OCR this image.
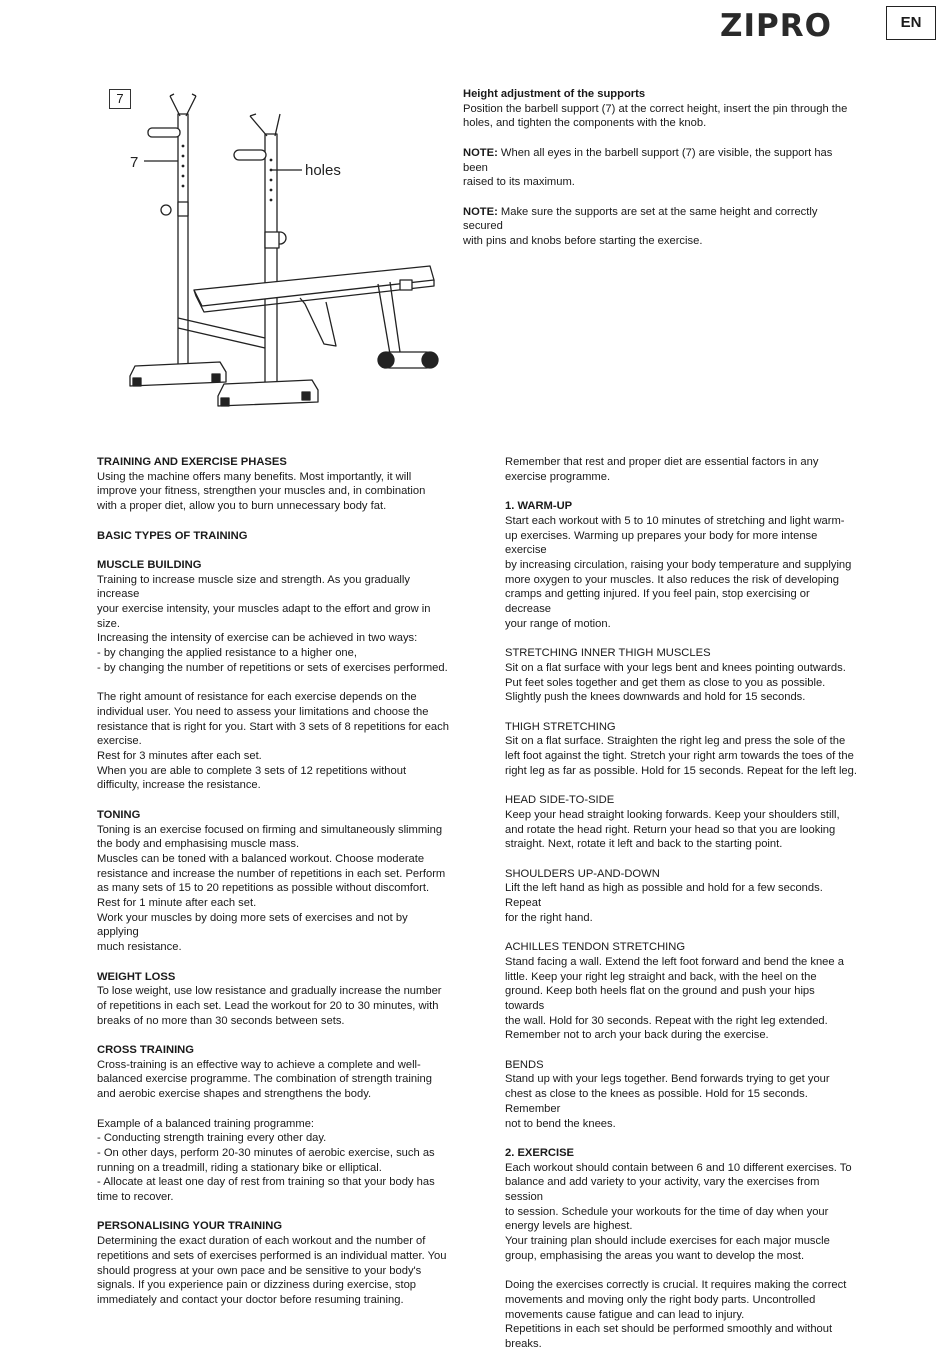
ZIPRO	EN
7	holes
7	Height adjustment of the supports

Position the barbell support (7) at the correct height, insert the pin through the
holes, and tighten the components with the knob.

NOTE: When all eyes in the barbell support (7) are visible, the support has been
raised to its maximum.

NOTE: Make sure the supports are set at the same height and correctly secured
with pins and knobs before starting the exercise.

TRAINING AND EXERCISE PHASES

Using the machine offers many benefits. Most importantly, it will
improve your fitness, strengthen your muscles and, in combination
with a proper diet, allow you to burn unnecessary body fat.

BASIC TYPES OF TRAINING
MUSCLE BUILDING

Training to increase muscle size and strength. As you gradually increase
your exercise intensity, your muscles adapt to the effort and grow in
size.
Increasing the intensity of exercise can be achieved in two ways:
- by changing the applied resistance to a higher one,
- by changing the number of repetitions or sets of exercises performed.

The right amount of resistance for each exercise depends on the
individual user. You need to assess your limitations and choose the
resistance that is right for you. Start with 3 sets of 8 repetitions for each
exercise.
Rest for 3 minutes after each set.
When you are able to complete 3 sets of 12 repetitions without
difficulty, increase the resistance.

TONING

Toning is an exercise focused on firming and simultaneously slimming
the body and emphasising muscle mass.
Muscles can be toned with a balanced workout. Choose moderate
resistance and increase the number of repetitions in each set. Perform
as many sets of 15 to 20 repetitions as possible without discomfort.
Rest for 1 minute after each set.
Work your muscles by doing more sets of exercises and not by applying
much resistance.

WEIGHT LOSS

To lose weight, use low resistance and gradually increase the number
of repetitions in each set. Lead the workout for 20 to 30 minutes, with
breaks of no more than 30 seconds between sets.

CROSS TRAINING

Cross-training is an effective way to achieve a complete and well-
balanced exercise programme. The combination of strength training
and aerobic exercise shapes and strengthens the body.

Example of a balanced training programme:
- Conducting strength training every other day.
- On other days, perform 20-30 minutes of aerobic exercise, such as
running on a treadmill, riding a stationary bike or elliptical.
- Allocate at least one day of rest from training so that your body has
time to recover.

PERSONALISING YOUR TRAINING

Determining the exact duration of each workout and the number of
repetitions and sets of exercises performed is an individual matter. You
should progress at your own pace and be sensitive to your body's
signals. If you experience pain or dizziness during exercise, stop
immediately and contact your doctor before resuming training.

Remember that rest and proper diet are essential factors in any
exercise programme.

1. WARM-UP

Start each workout with 5 to 10 minutes of stretching and light warm-
up exercises. Warming up prepares your body for more intense exercise
by increasing circulation, raising your body temperature and supplying
more oxygen to your muscles. It also reduces the risk of developing
cramps and getting injured. If you feel pain, stop exercising or decrease
your range of motion.

STRETCHING INNER THIGH MUSCLES

Sit on a flat surface with your legs bent and knees pointing outwards.
Put feet soles together and get them as close to you as possible.
Slightly push the knees downwards and hold for 15 seconds.

THIGH STRETCHING

Sit on a flat surface. Straighten the right leg and press the sole of the
left foot against the tight. Stretch your right arm towards the toes of the
right leg as far as possible. Hold for 15 seconds. Repeat for the left leg.

HEAD SIDE-TO-SIDE

Keep your head straight looking forwards. Keep your shoulders still,
and rotate the head right. Return your head so that you are looking
straight. Next, rotate it left and back to the starting point.

SHOULDERS UP-AND-DOWN

Lift the left hand as high as possible and hold for a few seconds. Repeat
for the right hand.

ACHILLES TENDON STRETCHING

Stand facing a wall. Extend the left foot forward and bend the knee a
little. Keep your right leg straight and back, with the heel on the
ground. Keep both heels flat on the ground and push your hips towards
the wall. Hold for 30 seconds. Repeat with the right leg extended.
Remember not to arch your back during the exercise.

BENDS

Stand up with your legs together. Bend forwards trying to get your
chest as close to the knees as possible. Hold for 15 seconds. Remember
not to bend the knees.

2. EXERCISE

Each workout should contain between 6 and 10 different exercises. To
balance and add variety to your activity, vary the exercises from session
to session. Schedule your workouts for the time of day when your
energy levels are highest.
Your training plan should include exercises for each major muscle
group, emphasising the areas you want to develop the most.

Doing the exercises correctly is crucial. It requires making the correct
movements and moving only the right body parts. Uncontrolled
movements cause fatigue and can lead to injury.
Repetitions in each set should be performed smoothly and without
breaks.
